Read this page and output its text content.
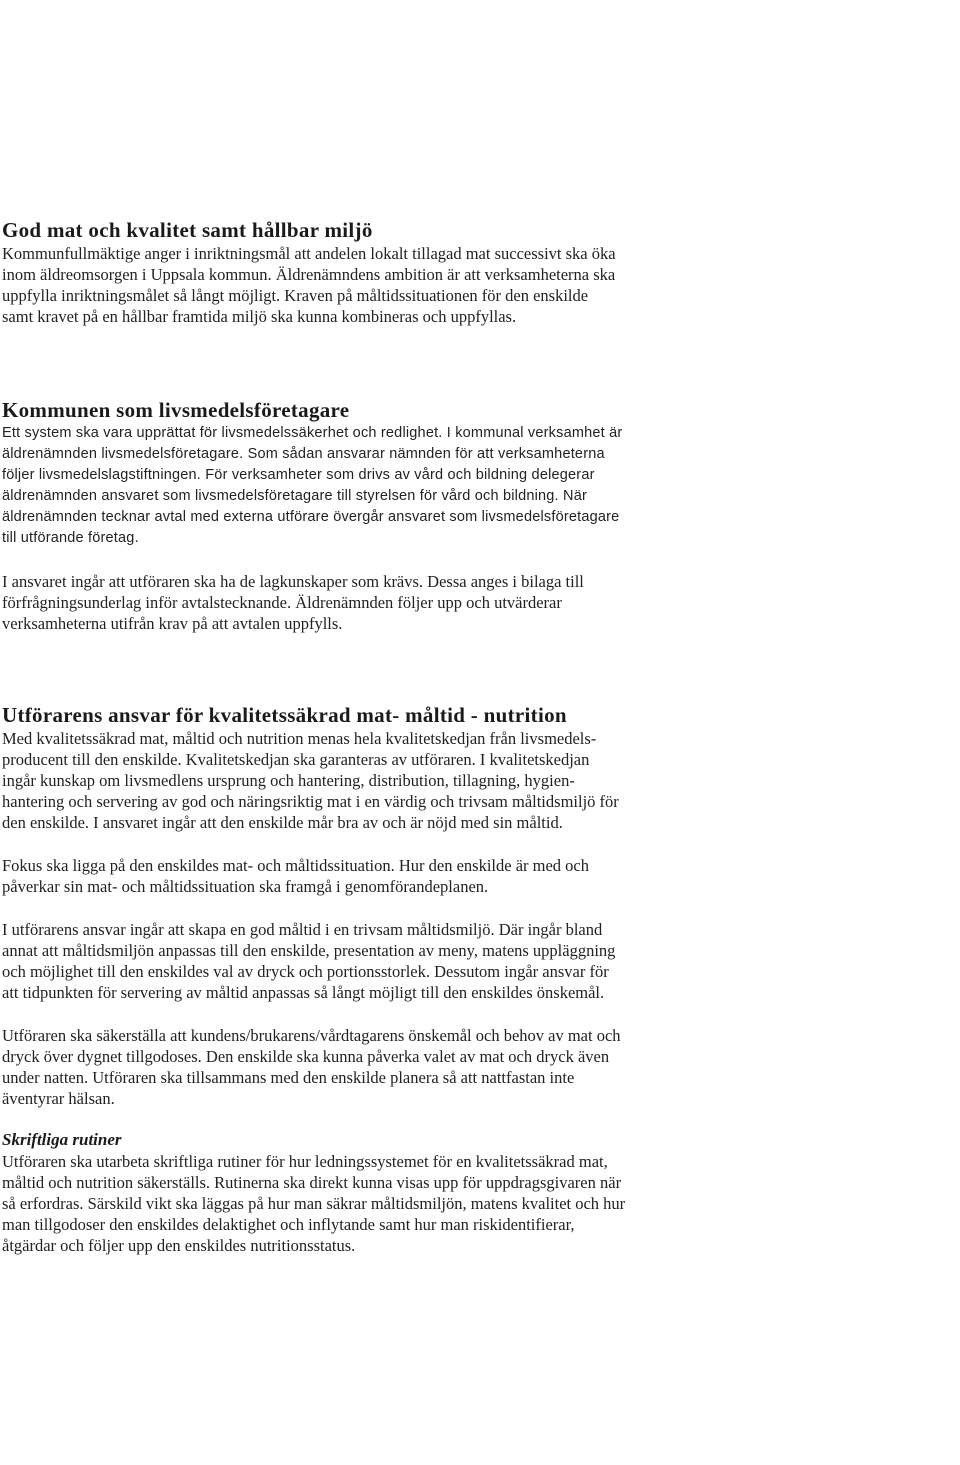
God mat och kvalitet samt hållbar miljö

Kommunfullmäktige anger i inriktningsmål att andelen lokalt tillagad mat successivt ska öka
inom äldreomsorgen i Uppsala kommun. Äldrenämndens ambition är att verksamheterna ska
uppfylla inriktningsmålet så långt möjligt. Kraven på måltidssituationen för den enskilde
samt kravet på en hållbar framtida miljö ska kunna kombineras och uppfyllas.

Kommunen som livsmedelsföretagare

Ett system ska vara upprättat för livsmedelssäkerhet och redlighet. I kommunal verksamhet är
äldrenämnden livsmedelsföretagare. Som sådan ansvarar nämnden för att verksamheterna
följer livsmedelslagstiftningen. För verksamheter som drivs av vård och bildning delegerar
äldrenämnden ansvaret som livsmedelsföretagare till styrelsen för vård och bildning. När
äldrenämnden tecknar avtal med externa utförare övergår ansvaret som livsmedelsföretagare
till utförande företag.

I ansvaret ingår att utföraren ska ha de lagkunskaper som krävs. Dessa anges i bilaga till
förfrågningsunderlag inför avtalstecknande. Äldrenämnden följer upp och utvärderar
verksamheterna utifrån krav på att avtalen uppfylls.

Utförarens ansvar för kvalitetssäkrad mat- måltid - nutrition

Med kvalitetssäkrad mat, måltid och nutrition menas hela kvalitetskedjan från livsmedels-
producent till den enskilde. Kvalitetskedjan ska garanteras av utföraren. I kvalitetskedjan
ingår kunskap om livsmedlens ursprung och hantering, distribution, tillagning, hygien-
hantering och servering av god och näringsriktig mat i en värdig och trivsam måltidsmiljö för
den enskilde. I ansvaret ingår att den enskilde mår bra av och är nöjd med sin måltid.

Fokus ska ligga på den enskildes mat- och måltidssituation. Hur den enskilde är med och
påverkar sin mat- och måltidssituation ska framgå i genomförandeplanen.

I utförarens ansvar ingår att skapa en god måltid i en trivsam måltidsmiljö. Där ingår bland
annat att måltidsmiljön anpassas till den enskilde, presentation av meny, matens uppläggning
och möjlighet till den enskildes val av dryck och portionsstorlek. Dessutom ingår ansvar för
att tidpunkten för servering av måltid anpassas så långt möjligt till den enskildes önskemål.

Utföraren ska säkerställa att kundens/brukarens/vårdtagarens önskemål och behov av mat och
dryck över dygnet tillgodoses. Den enskilde ska kunna påverka valet av mat och dryck även
under natten. Utföraren ska tillsammans med den enskilde planera så att nattfastan inte
äventyrar hälsan.

Skriftliga rutiner

Utföraren ska utarbeta skriftliga rutiner för hur ledningssystemet för en kvalitetssäkrad mat,
måltid och nutrition säkerställs. Rutinerna ska direkt kunna visas upp för uppdragsgivaren när
så erfordras. Särskild vikt ska läggas på hur man säkrar måltidsmiljön, matens kvalitet och hur
man tillgodoser den enskildes delaktighet och inflytande samt hur man riskidentifierar,
åtgärdar och följer upp den enskildes nutritionsstatus.
